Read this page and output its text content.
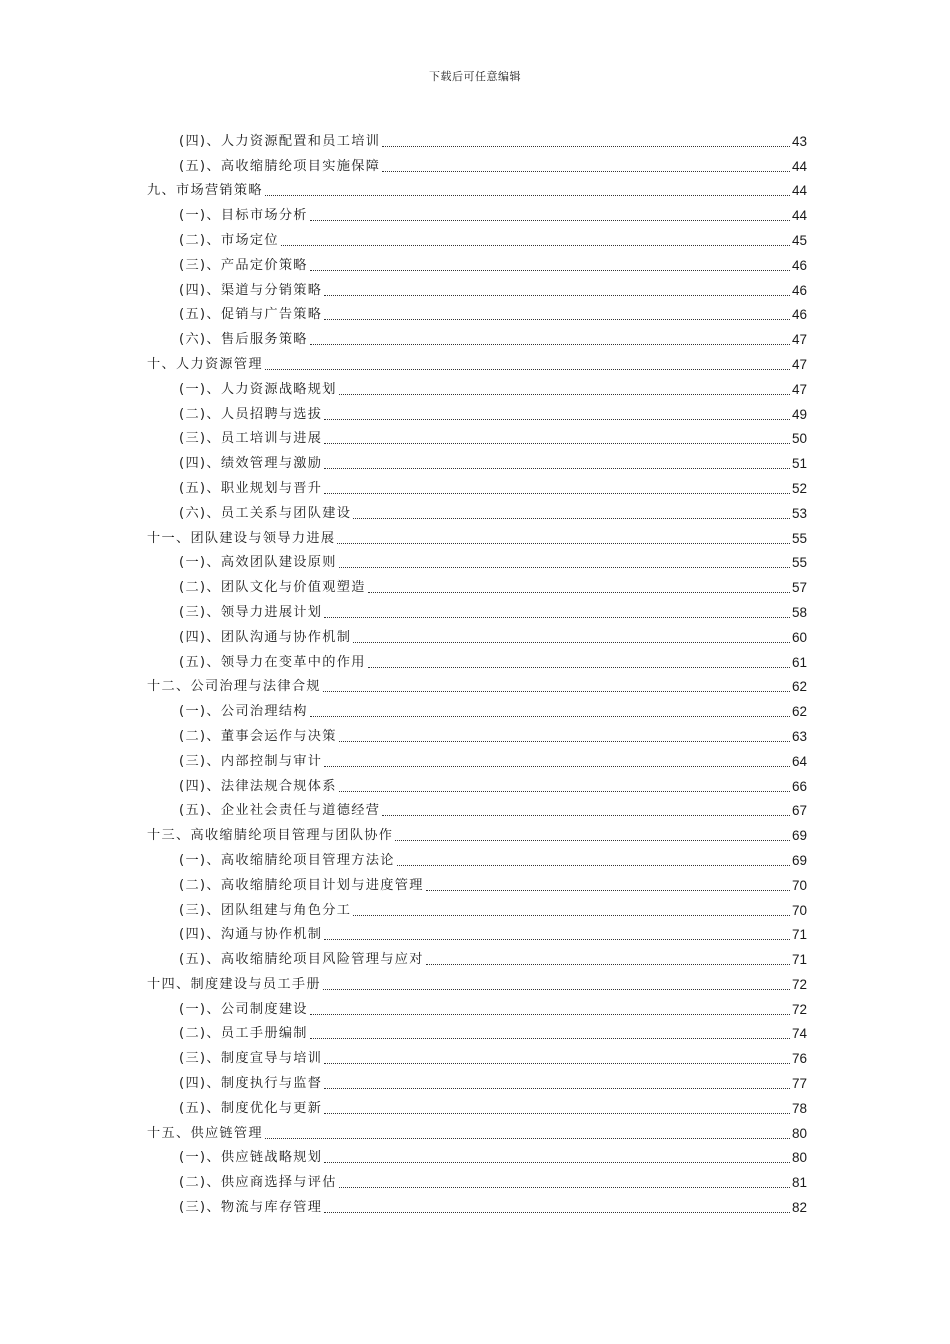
下载后可任意编辑
(四)、人力资源配置和员工培训	43
(五)、高收缩腈纶项目实施保障	44
九、市场营销策略	44
(一)、目标市场分析	44
(二)、市场定位	45
(三)、产品定价策略	46
(四)、渠道与分销策略	46
(五)、促销与广告策略	46
(六)、售后服务策略	47
十、人力资源管理	47
(一)、人力资源战略规划	47
(二)、人员招聘与选拔	49
(三)、员工培训与进展	50
(四)、绩效管理与激励	51
(五)、职业规划与晋升	52
(六)、员工关系与团队建设	53
十一、团队建设与领导力进展	55
(一)、高效团队建设原则	55
(二)、团队文化与价值观塑造	57
(三)、领导力进展计划	58
(四)、团队沟通与协作机制	60
(五)、领导力在变革中的作用	61
十二、公司治理与法律合规	62
(一)、公司治理结构	62
(二)、董事会运作与决策	63
(三)、内部控制与审计	64
(四)、法律法规合规体系	66
(五)、企业社会责任与道德经营	67
十三、高收缩腈纶项目管理与团队协作	69
(一)、高收缩腈纶项目管理方法论	69
(二)、高收缩腈纶项目计划与进度管理	70
(三)、团队组建与角色分工	70
(四)、沟通与协作机制	71
(五)、高收缩腈纶项目风险管理与应对	71
十四、制度建设与员工手册	72
(一)、公司制度建设	72
(二)、员工手册编制	74
(三)、制度宣导与培训	76
(四)、制度执行与监督	77
(五)、制度优化与更新	78
十五、供应链管理	80
(一)、供应链战略规划	80
(二)、供应商选择与评估	81
(三)、物流与库存管理	82
